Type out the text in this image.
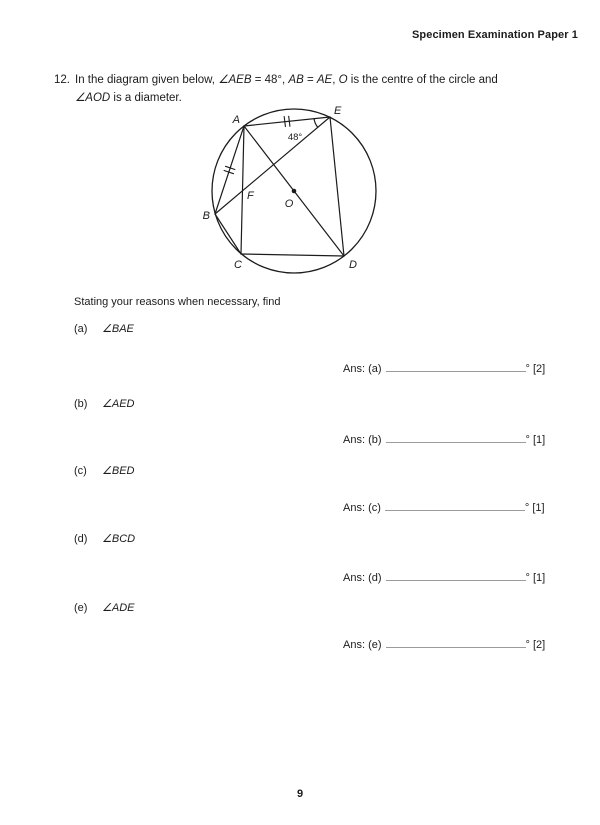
Specimen Examination Paper 1
12. In the diagram given below, ∠AEB = 48°, AB = AE, O is the centre of the circle and
∠AOD is a diameter.
A
E
B
C	D
O
F
48°
Stating your reasons when necessary, find
(a)	∠BAE
Ans: (a)	° [2]
(b)	∠AED
Ans: (b)	° [1]
(c)	∠BED
Ans: (c)	° [1]
(d)	∠BCD
Ans: (d)	° [1]
(e)	∠ADE
Ans: (e)	° [2]
9
